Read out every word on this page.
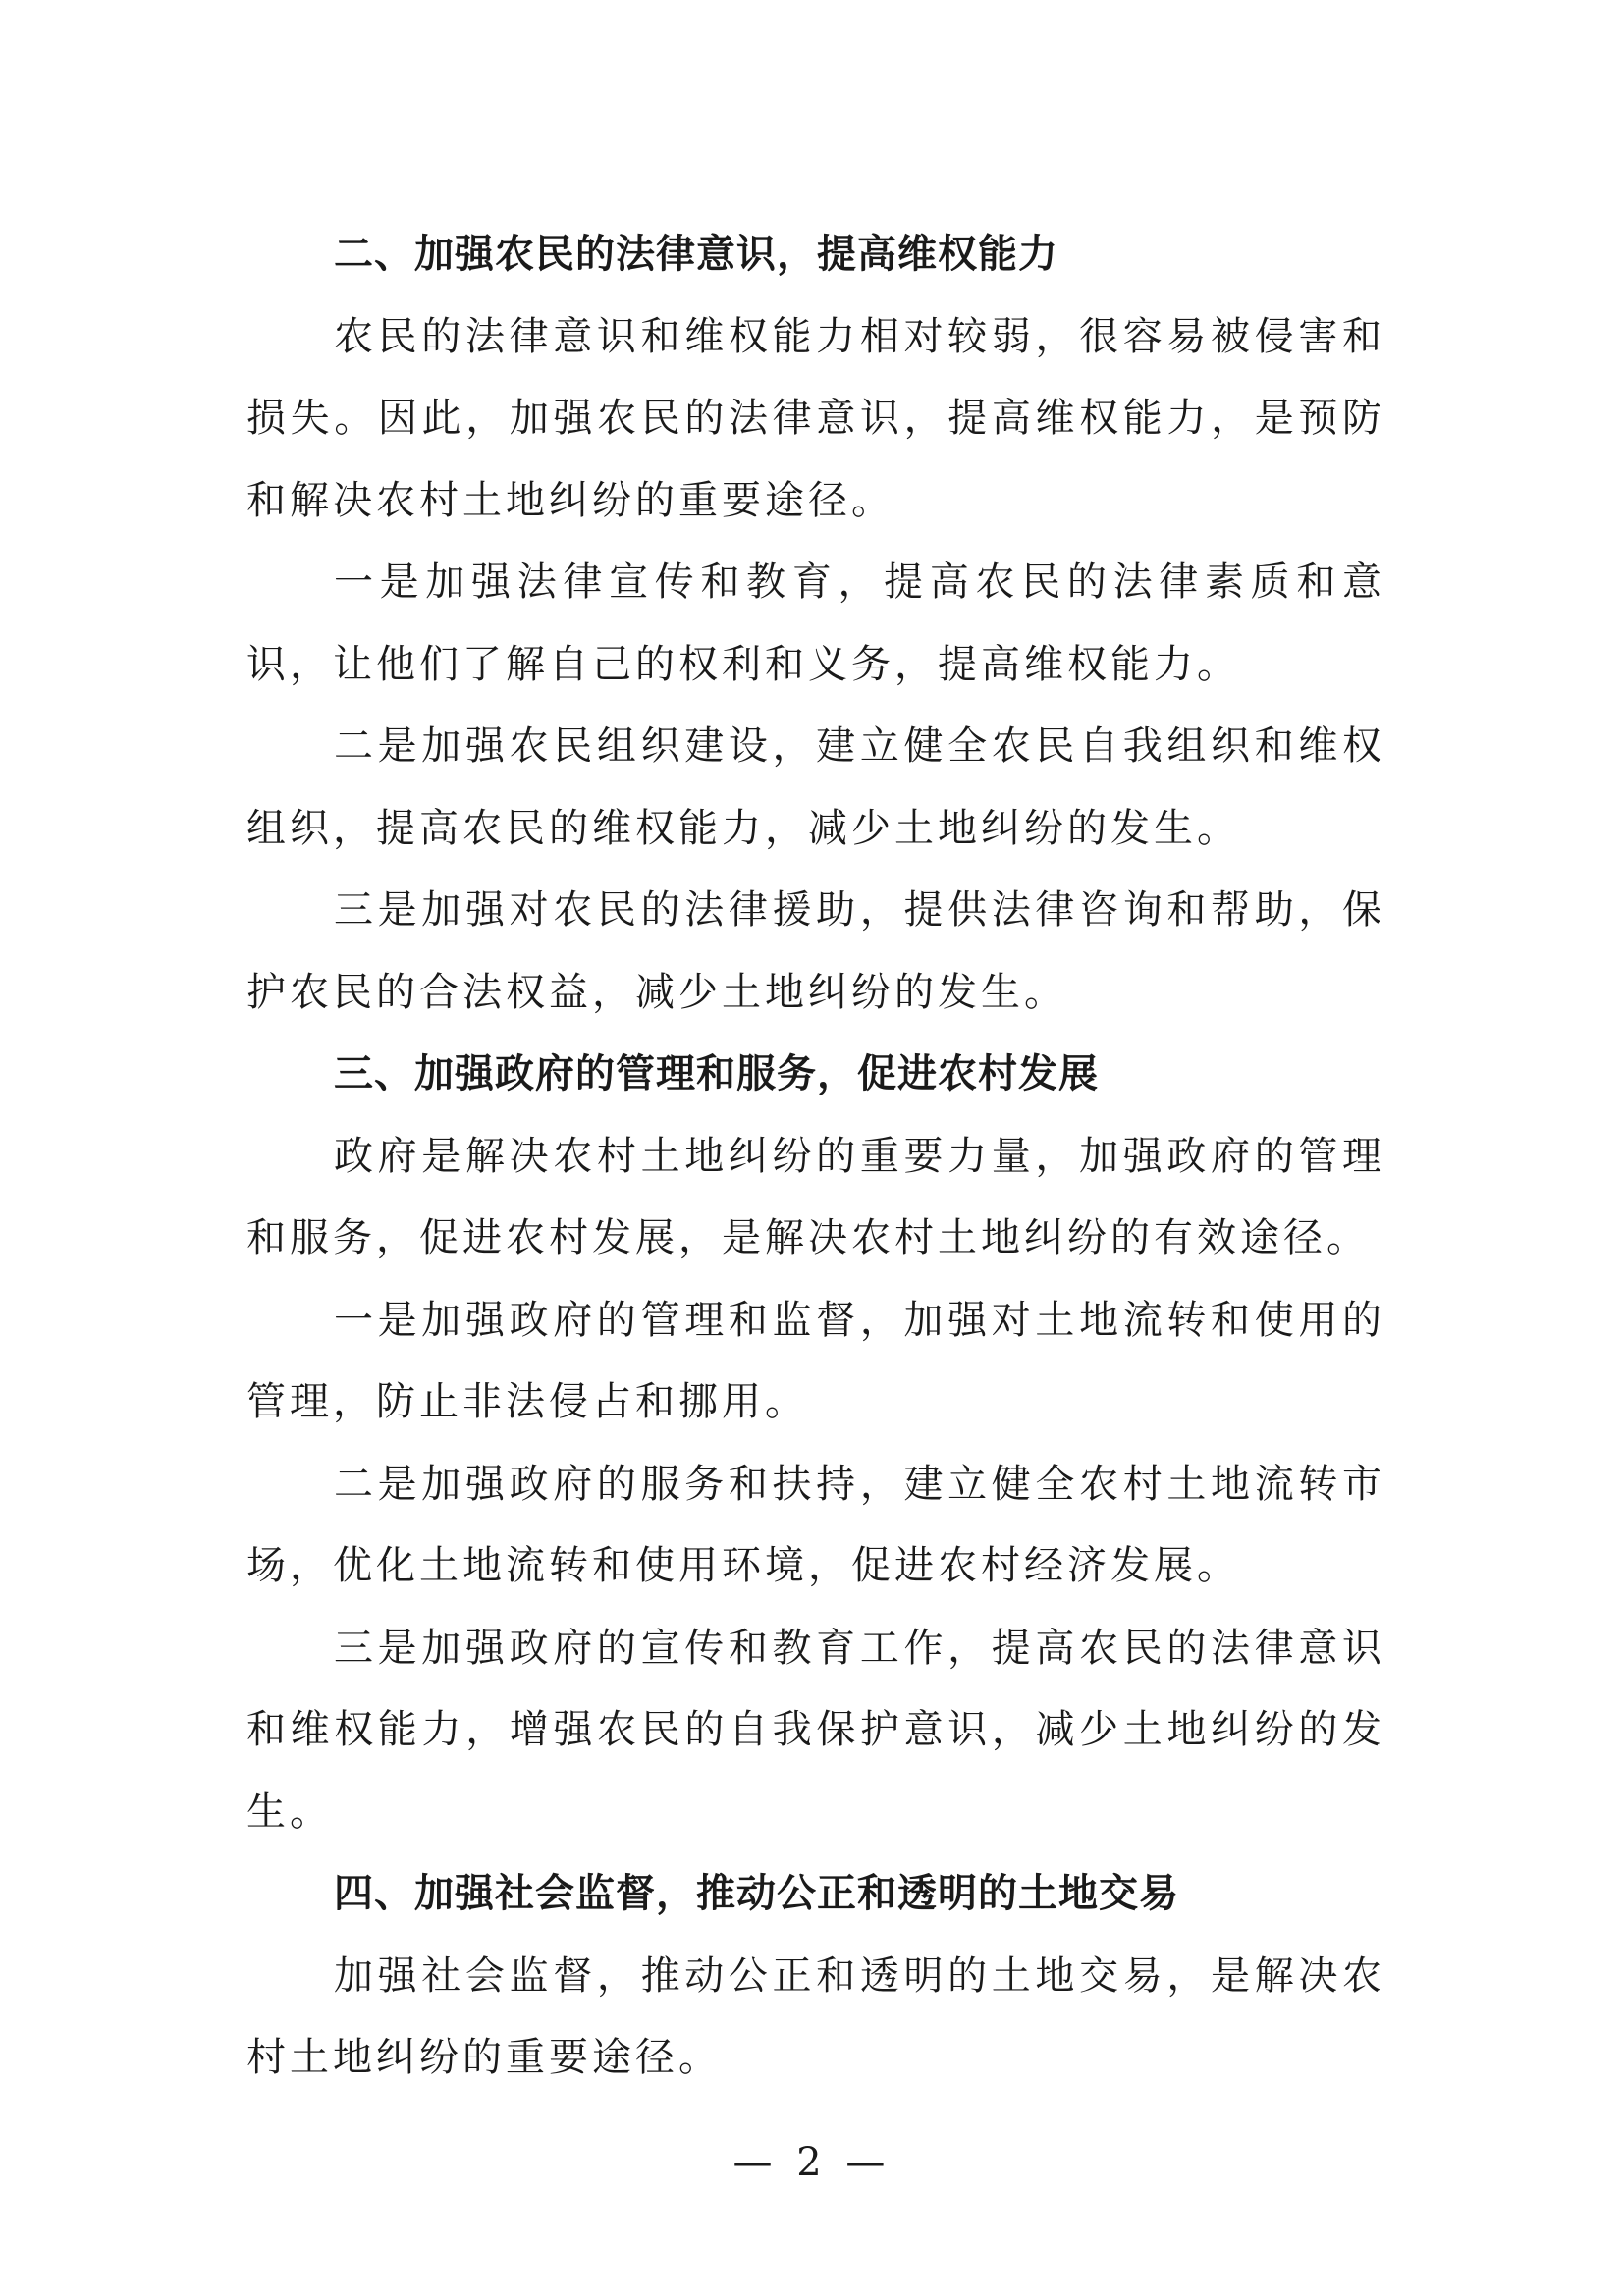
二、加强农民的法律意识，提高维权能力

农民的法律意识和维权能力相对较弱，很容易被侵害和损失。因此，加强农民的法律意识，提高维权能力，是预防和解决农村土地纠纷的重要途径。

一是加强法律宣传和教育，提高农民的法律素质和意识，让他们了解自己的权利和义务，提高维权能力。

二是加强农民组织建设，建立健全农民自我组织和维权组织，提高农民的维权能力，减少土地纠纷的发生。

三是加强对农民的法律援助，提供法律咨询和帮助，保护农民的合法权益，减少土地纠纷的发生。

三、加强政府的管理和服务，促进农村发展

政府是解决农村土地纠纷的重要力量，加强政府的管理和服务，促进农村发展，是解决农村土地纠纷的有效途径。

一是加强政府的管理和监督，加强对土地流转和使用的管理，防止非法侵占和挪用。

二是加强政府的服务和扶持，建立健全农村土地流转市场，优化土地流转和使用环境，促进农村经济发展。

三是加强政府的宣传和教育工作，提高农民的法律意识和维权能力，增强农民的自我保护意识，减少土地纠纷的发生。

四、加强社会监督，推动公正和透明的土地交易

加强社会监督，推动公正和透明的土地交易，是解决农村土地纠纷的重要途径。

— 2 —
